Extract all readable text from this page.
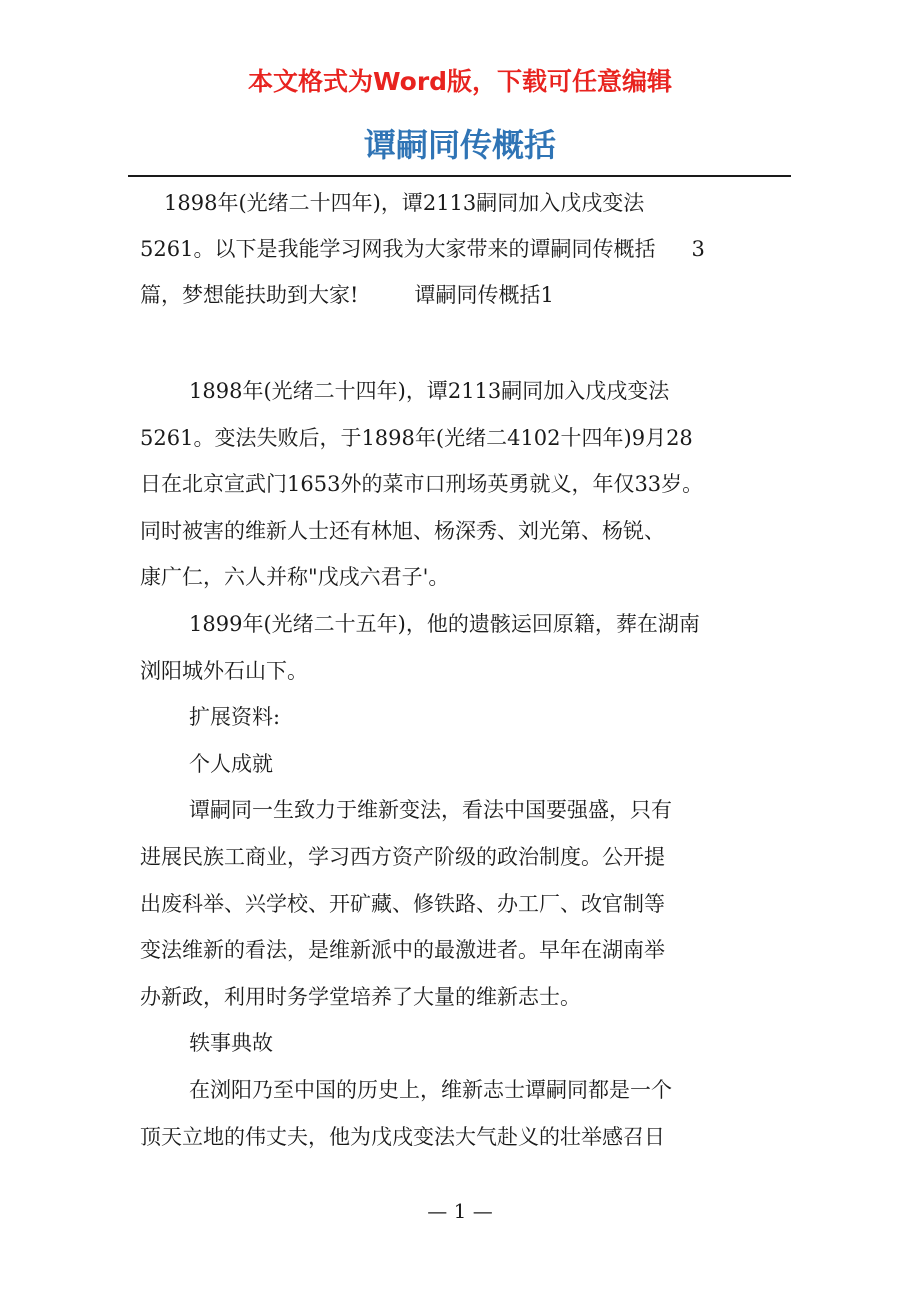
本文格式为Word版，下载可任意编辑
谭嗣同传概括
1898年(光绪二十四年)，谭2113嗣同加入戊戌变法
5261。以下是我能学习网我为大家带来的谭嗣同传概括 3
篇，梦想能扶助到大家!	谭嗣同传概括1
1898年(光绪二十四年)，谭2113嗣同加入戊戌变法
5261。变法失败后，于1898年(光绪二4102十四年)9月28
日在北京宣武门1653外的菜市口刑场英勇就义，年仅33岁。
同时被害的维新人士还有林旭、杨深秀、刘光第、杨锐、
康广仁，六人并称"戊戌六君子'。
1899年(光绪二十五年)，他的遗骸运回原籍，葬在湖南
浏阳城外石山下。
扩展资料:
个人成就
谭嗣同一生致力于维新变法，看法中国要强盛，只有
进展民族工商业，学习西方资产阶级的政治制度。公开提
出废科举、兴学校、开矿藏、修铁路、办工厂、改官制等
变法维新的看法，是维新派中的最激进者。早年在湖南举
办新政，利用时务学堂培养了大量的维新志士。
轶事典故
在浏阳乃至中国的历史上，维新志士谭嗣同都是一个
顶天立地的伟丈夫，他为戊戌变法大气赴义的壮举感召日
— 1 —
